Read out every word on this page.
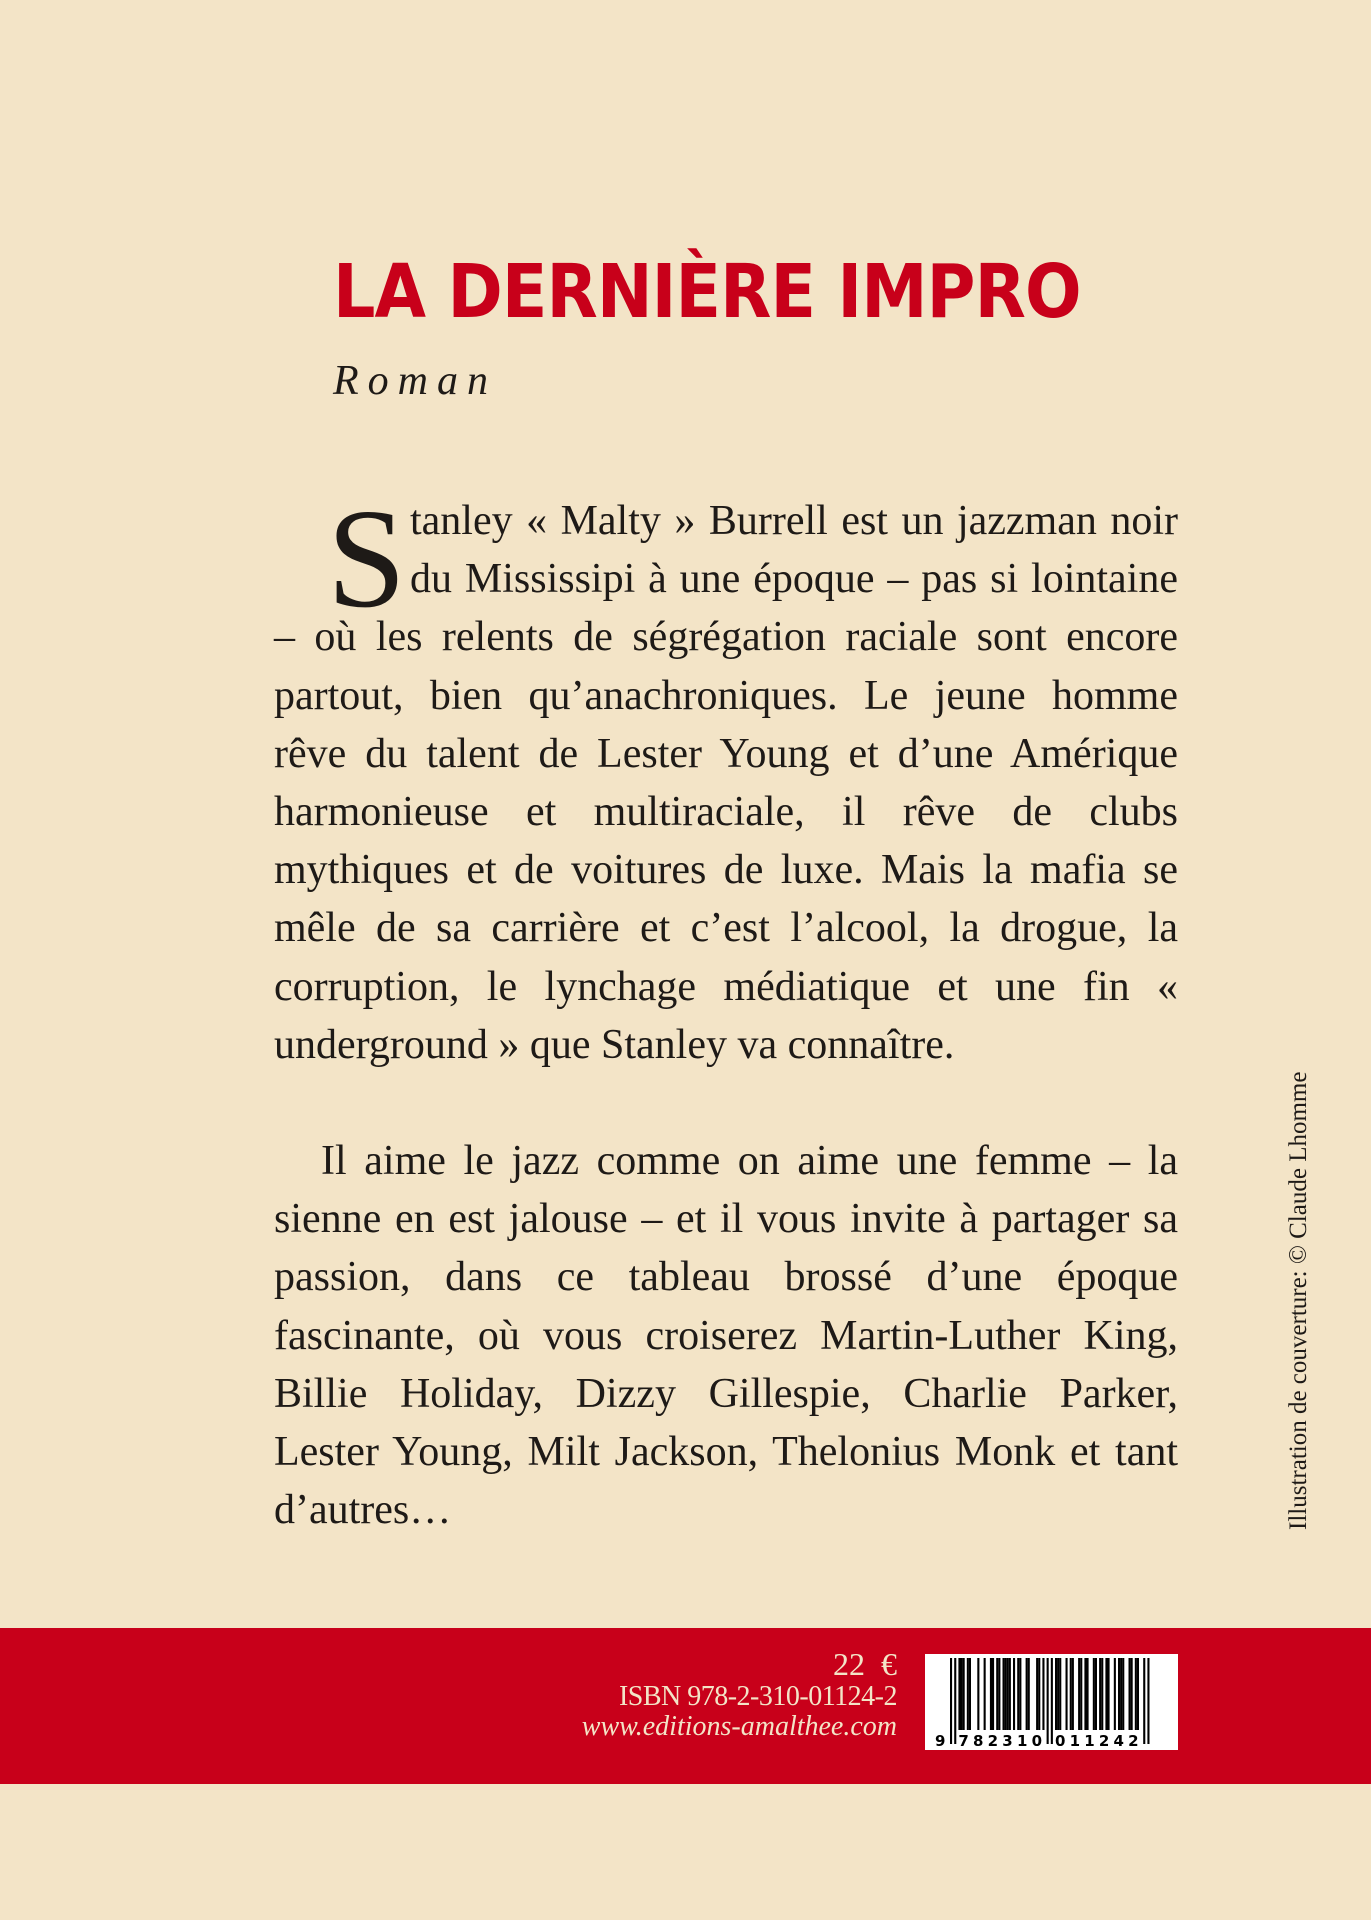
LA DERNIÈRE IMPRO
Roman

Stanley « Malty » Burrell est un jazzman noir du Mississipi à une époque – pas si lointaine – où les relents de ségrégation raciale sont encore partout, bien qu’anachroniques. Le jeune homme rêve du talent de Lester Young et d’une Amérique harmonieuse et multiraciale, il rêve de clubs mythiques et de voitures de luxe. Mais la mafia se mêle de sa carrière et c’est l’alcool, la drogue, la corruption, le lynchage médiatique et une fin « underground » que Stanley va connaître.

Il aime le jazz comme on aime une femme – la sienne en est jalouse – et il vous invite à partager sa passion, dans ce tableau brossé d’une époque fascinante, où vous croiserez Martin-Luther King, Billie Holiday, Dizzy Gillespie, Charlie Parker, Lester Young, Milt Jackson, Thelonius Monk et tant d’autres…	Illustration de couverture: © Claude Lhomme
22 €
ISBN 978-2-310-01124-2
www.editions-amalthee.com	9 782310 011242
